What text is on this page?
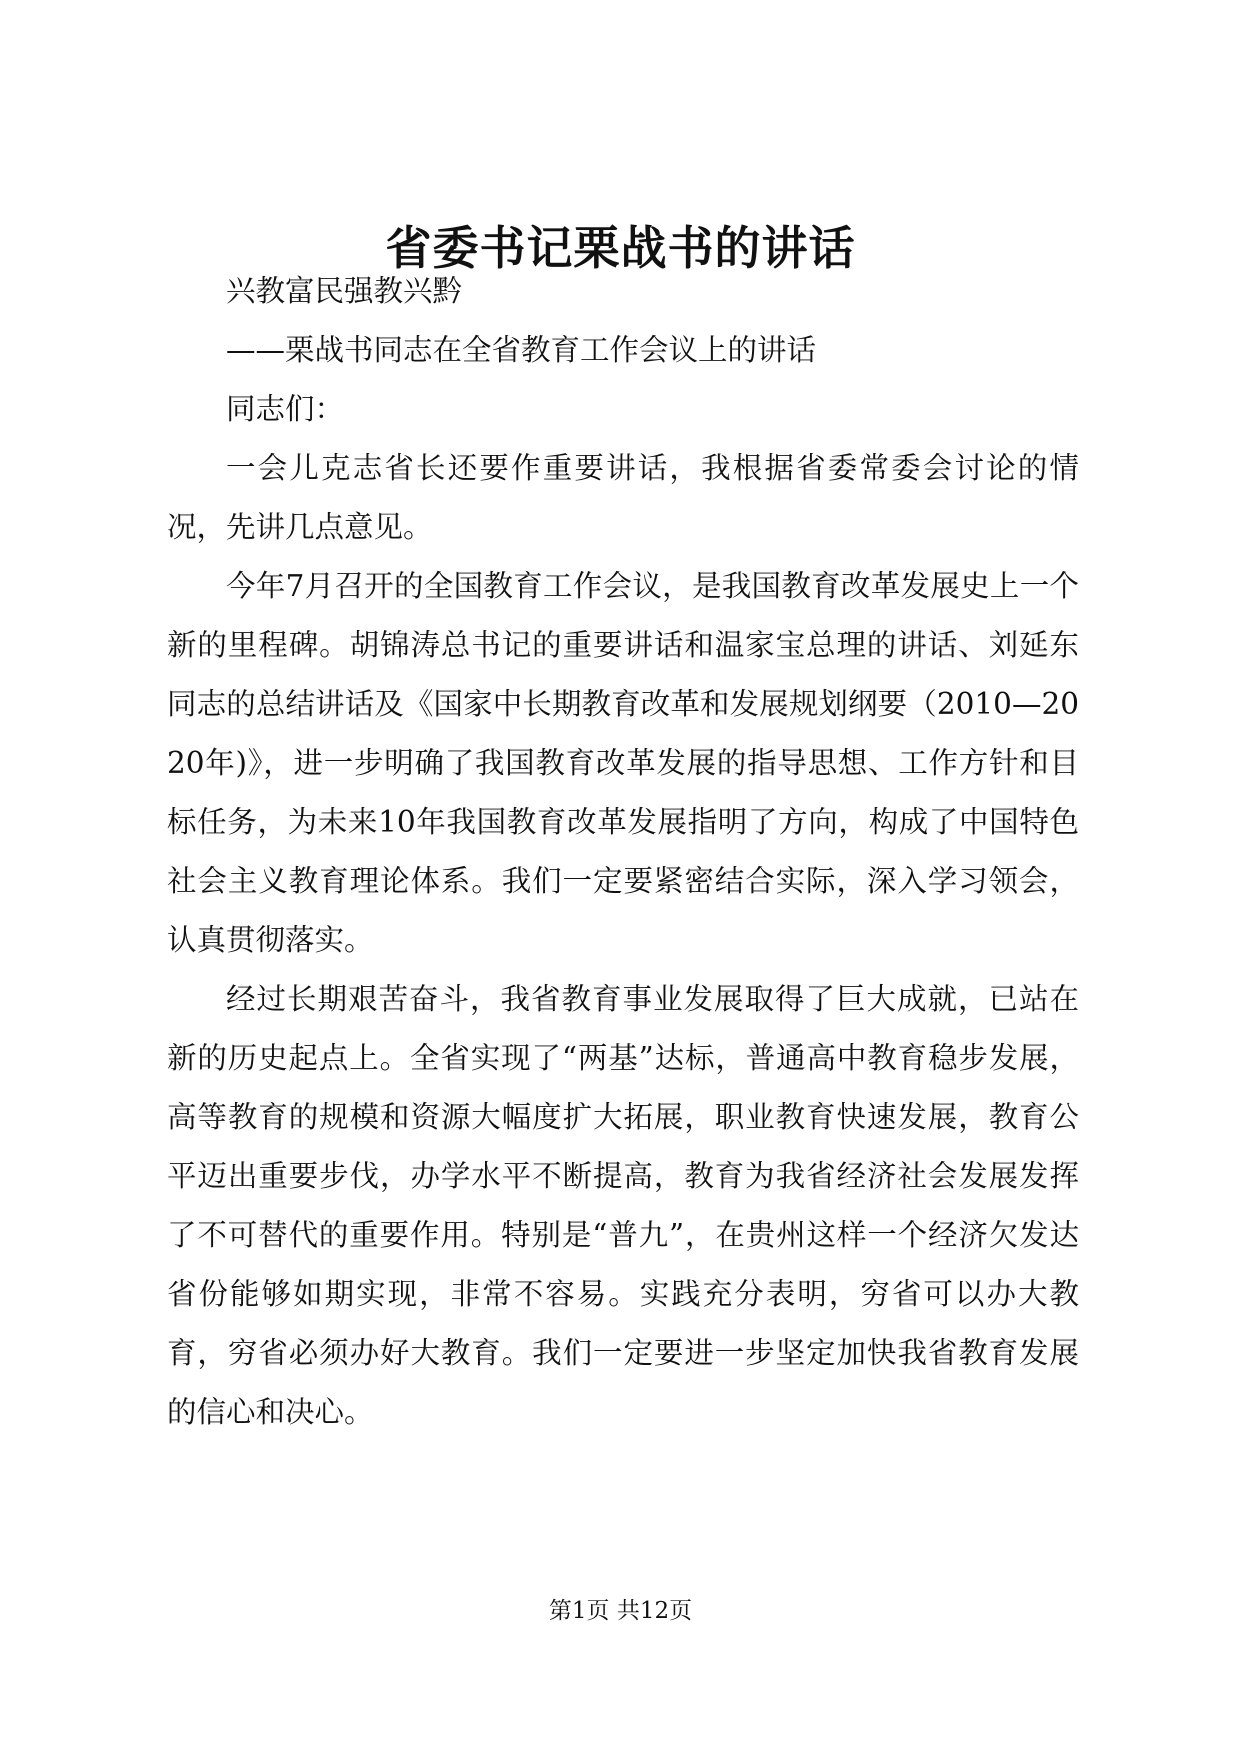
省委书记栗战书的讲话

兴教富民强教兴黔

——栗战书同志在全省教育工作会议上的讲话

同志们：

一会儿克志省长还要作重要讲话，我根据省委常委会讨论的情况，先讲几点意见。

今年7月召开的全国教育工作会议，是我国教育改革发展史上一个新的里程碑。胡锦涛总书记的重要讲话和温家宝总理的讲话、刘延东同志的总结讲话及《国家中长期教育改革和发展规划纲要（2010—2020年)》，进一步明确了我国教育改革发展的指导思想、工作方针和目标任务，为未来10年我国教育改革发展指明了方向，构成了中国特色社会主义教育理论体系。我们一定要紧密结合实际，深入学习领会，认真贯彻落实。

经过长期艰苦奋斗，我省教育事业发展取得了巨大成就，已站在新的历史起点上。全省实现了“两基”达标，普通高中教育稳步发展，高等教育的规模和资源大幅度扩大拓展，职业教育快速发展，教育公平迈出重要步伐，办学水平不断提高，教育为我省经济社会发展发挥了不可替代的重要作用。特别是“普九”，在贵州这样一个经济欠发达省份能够如期实现，非常不容易。实践充分表明，穷省可以办大教育，穷省必须办好大教育。我们一定要进一步坚定加快我省教育发展的信心和决心。

第1页 共12页
